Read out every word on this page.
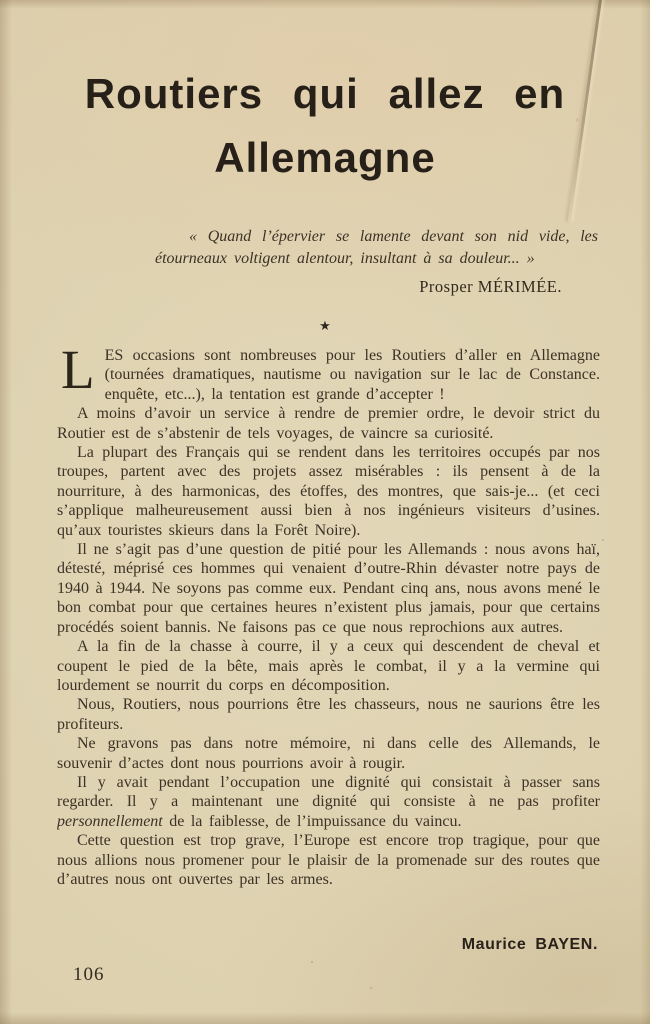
Routiers qui allez en
Allemagne

« Quand l’épervier se lamente devant son nid vide, les étourneaux voltigent alentour, insultant à sa douleur... »

Prosper MÉRIMÉE.

★

LES occasions sont nombreuses pour les Routiers d’aller en Allemagne (tournées dramatiques, nautisme ou navigation sur le lac de Constance. enquête, etc...), la tentation est grande d’accepter !

A moins d’avoir un service à rendre de premier ordre, le devoir strict du Routier est de s’abstenir de tels voyages, de vaincre sa curiosité.

La plupart des Français qui se rendent dans les territoires occupés par nos troupes, partent avec des projets assez misérables : ils pensent à de la nourriture, à des harmonicas, des étoffes, des montres, que sais-je... (et ceci s’applique malheureusement aussi bien à nos ingénieurs visiteurs d’usines. qu’aux touristes skieurs dans la Forêt Noire).

Il ne s’agit pas d’une question de pitié pour les Allemands : nous avons haï, détesté, méprisé ces hommes qui venaient d’outre-Rhin dévaster notre pays de 1940 à 1944. Ne soyons pas comme eux. Pendant cinq ans, nous avons mené le bon combat pour que certaines heures n’existent plus jamais, pour que certains procédés soient bannis. Ne faisons pas ce que nous reprochions aux autres.

A la fin de la chasse à courre, il y a ceux qui descendent de cheval et coupent le pied de la bête, mais après le combat, il y a la vermine qui lourdement se nourrit du corps en décomposition.

Nous, Routiers, nous pourrions être les chasseurs, nous ne saurions être les profiteurs.

Ne gravons pas dans notre mémoire, ni dans celle des Allemands, le souvenir d’actes dont nous pourrions avoir à rougir.

Il y avait pendant l’occupation une dignité qui consistait à passer sans regarder. Il y a maintenant une dignité qui consiste à ne pas profiter personnellement de la faiblesse, de l’impuissance du vaincu.

Cette question est trop grave, l’Europe est encore trop tragique, pour que nous allions nous promener pour le plaisir de la promenade sur des routes que d’autres nous ont ouvertes par les armes.

Maurice BAYEN.
106
